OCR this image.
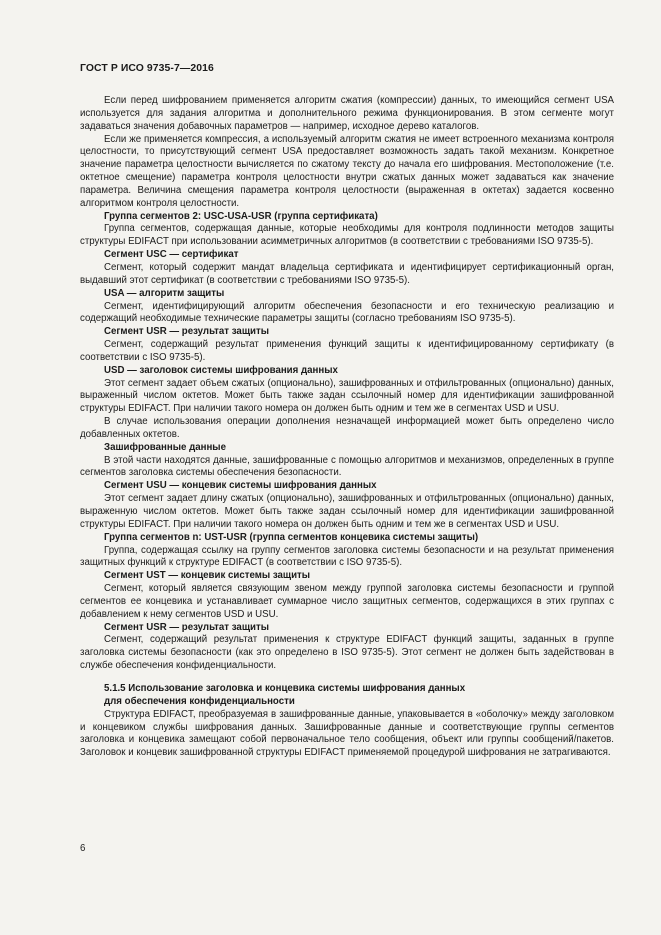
ГОСТ Р ИСО 9735-7—2016

Если перед шифрованием применяется алгоритм сжатия (компрессии) данных, то имеющийся сегмент USA используется для задания алгоритма и дополнительного режима функционирования. В этом сегменте могут задаваться значения добавочных параметров — например, исходное дерево каталогов.

Если же применяется компрессия, а используемый алгоритм сжатия не имеет встроенного механизма контроля целостности, то присутствующий сегмент USA предоставляет возможность задать такой механизм. Конкретное значение параметра целостности вычисляется по сжатому тексту до начала его шифрования. Местоположение (т.е. октетное смещение) параметра контроля целостности внутри сжатых данных может задаваться как значение параметра. Величина смещения параметра контроля целостности (выраженная в октетах) задается косвенно алгоритмом контроля целостности.

Группа сегментов 2: USC-USA-USR (группа сертификата)

Группа сегментов, содержащая данные, которые необходимы для контроля подлинности методов защиты структуры EDIFACT при использовании асимметричных алгоритмов (в соответствии с требованиями ISO 9735-5).

Сегмент USC — сертификат

Сегмент, который содержит мандат владельца сертификата и идентифицирует сертификационный орган, выдавший этот сертификат (в соответствии с требованиями ISO 9735-5).

USA — алгоритм защиты

Сегмент, идентифицирующий алгоритм обеспечения безопасности и его техническую реализацию и содержащий необходимые технические параметры защиты (согласно требованиям ISO 9735-5).

Сегмент USR — результат защиты

Сегмент, содержащий результат применения функций защиты к идентифицированному сертификату (в соответствии с ISO 9735-5).

USD — заголовок системы шифрования данных

Этот сегмент задает объем сжатых (опционально), зашифрованных и отфильтрованных (опционально) данных, выраженный числом октетов. Может быть также задан ссылочный номер для идентификации зашифрованной структуры EDIFACT. При наличии такого номера он должен быть одним и тем же в сегментах USD и USU.

В случае использования операции дополнения незначащей информацией может быть определено число добавленных октетов.

Зашифрованные данные

В этой части находятся данные, зашифрованные с помощью алгоритмов и механизмов, определенных в группе сегментов заголовка системы обеспечения безопасности.

Сегмент USU — концевик системы шифрования данных

Этот сегмент задает длину сжатых (опционально), зашифрованных и отфильтрованных (опционально) данных, выраженную числом октетов. Может быть также задан ссылочный номер для идентификации зашифрованной структуры EDIFACT. При наличии такого номера он должен быть одним и тем же в сегментах USD и USU.

Группа сегментов n: UST-USR (группа сегментов концевика системы защиты)

Группа, содержащая ссылку на группу сегментов заголовка системы безопасности и на результат применения защитных функций к структуре EDIFACT (в соответствии с ISO 9735-5).

Сегмент UST — концевик системы защиты

Сегмент, который является связующим звеном между группой заголовка системы безопасности и группой сегментов ее концевика и устанавливает суммарное число защитных сегментов, содержащихся в этих группах с добавлением к нему сегментов USD и USU.

Сегмент USR — результат защиты

Сегмент, содержащий результат применения к структуре EDIFACT функций защиты, заданных в группе заголовка системы безопасности (как это определено в ISO 9735-5). Этот сегмент не должен быть задействован в службе обеспечения конфиденциальности.

5.1.5 Использование заголовка и концевика системы шифрования данных

для обеспечения конфиденциальности

Структура EDIFACT, преобразуемая в зашифрованные данные, упаковывается в «оболочку» между заголовком и концевиком службы шифрования данных. Зашифрованные данные и соответствующие группы сегментов заголовка и концевика замещают собой первоначальное тело сообщения, объект или группы сообщений/пакетов. Заголовок и концевик зашифрованной структуры EDIFACT применяемой процедурой шифрования не затрагиваются.

6
